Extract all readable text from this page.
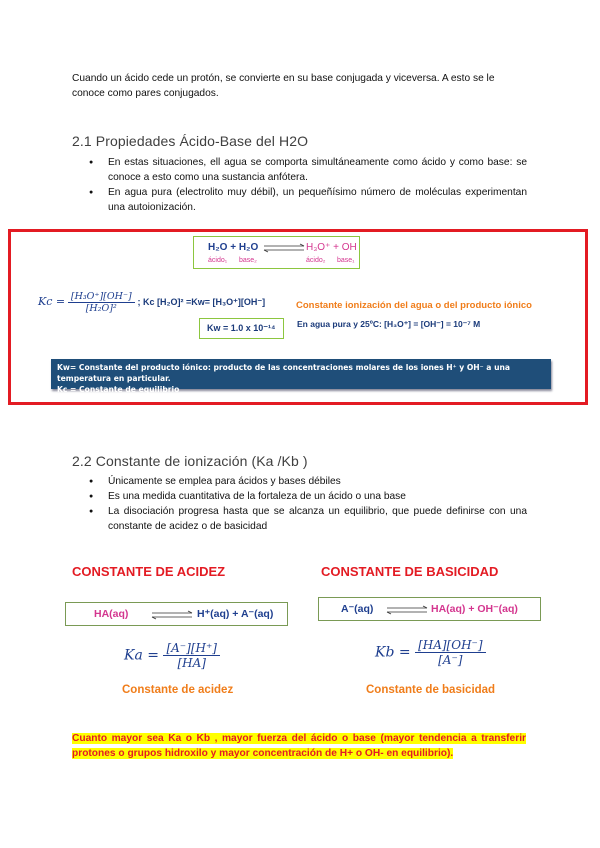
Cuando un ácido cede un protón, se convierte en su base conjugada y viceversa. A esto se le conoce como pares conjugados.
2.1 Propiedades Ácido-Base del H2O
● En estas situaciones, ell agua se comporta simultáneamente como ácido y como base: se conoce a esto como una sustancia anfótera.
● En agua pura (electrolito muy débil), un pequeñísimo número de moléculas experimentan una autoionización.
H₂O + H₂O ⇌ H₃O⁺ + OH
ácido₁ base₂	ácido₂ base₁
$Kc = \frac{\text{[H₃O⁺][OH⁻]}}{\text{[H₂O]²}}$ ; Kc [H₂O]² =Kw= [H₃O⁺][OH⁻]
Kw = 1.0 x 10⁻¹⁴
Constante ionización del agua o del producto iónico
En agua pura y 25ºC: [H₃O⁺] = [OH⁻] = 10⁻⁷ M
Kw= Constante del producto iónico: producto de las concentraciones molares de los iones H⁺ y OH⁻ a una temperatura en particular.
Kc = Constante de equilibrio
2.2 Constante de ionización (Ka /Kb )
● Únicamente se emplea para ácidos y bases débiles
● Es una medida cuantitativa de la fortaleza de un ácido o una base
● La disociación progresa hasta que se alcanza un equilibrio, que puede definirse con una constante de acidez o de basicidad
CONSTANTE DE ACIDEZ
HA(aq) ⇌ H⁺(aq) + A⁻(aq)
$Ka = \frac{[A^-][H^+]}{[HA]}$
Constante de acidez
CONSTANTE DE BASICIDAD
A⁻(aq) ⇌ HA(aq) + OH⁻(aq)
$Kb = \frac{[HA][OH^-]}{[A^-]}$
Constante de basicidad
Cuanto mayor sea Ka o Kb , mayor fuerza del ácido o base (mayor tendencia a transferir protones o grupos hidroxilo y mayor concentración de H+ o OH- en equilibrio).
